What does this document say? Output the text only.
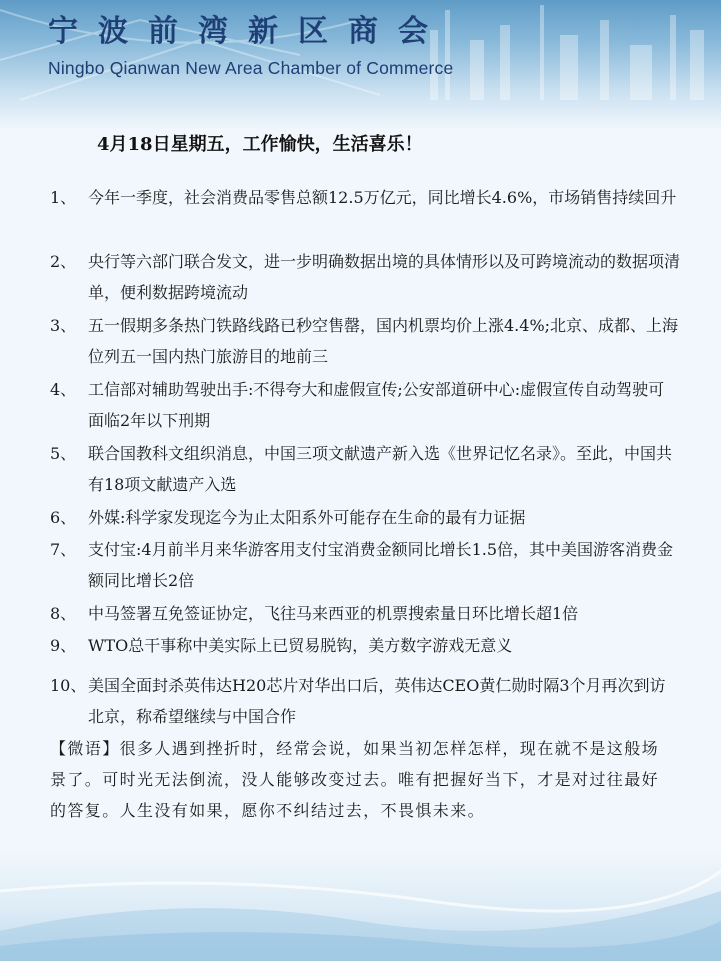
宁波前湾新区商会
Ningbo Qianwan New Area Chamber of Commerce
4月18日星期五，工作愉快，生活喜乐！
1、 今年一季度，社会消费品零售总额12.5万亿元，同比增长4.6%，市场销售持续回升
2、 央行等六部门联合发文，进一步明确数据出境的具体情形以及可跨境流动的数据项清单，便利数据跨境流动
3、 五一假期多条热门铁路线路已秒空售罄，国内机票均价上涨4.4%;北京、成都、上海位列五一国内热门旅游目的地前三
4、 工信部对辅助驾驶出手:不得夸大和虚假宣传;公安部道研中心:虚假宣传自动驾驶可面临2年以下刑期
5、 联合国教科文组织消息，中国三项文献遗产新入选《世界记忆名录》。至此，中国共有18项文献遗产入选
6、 外媒:科学家发现迄今为止太阳系外可能存在生命的最有力证据
7、 支付宝:4月前半月来华游客用支付宝消费金额同比增长1.5倍，其中美国游客消费金额同比增长2倍
8、 中马签署互免签证协定，飞往马来西亚的机票搜索量日环比增长超1倍
9、 WTO总干事称中美实际上已贸易脱钩，美方数字游戏无意义
10、 美国全面封杀英伟达H20芯片对华出口后，英伟达CEO黄仁勋时隔3个月再次到访北京，称希望继续与中国合作
【微语】很多人遇到挫折时，经常会说，如果当初怎样怎样，现在就不是这般场景了。可时光无法倒流，没人能够改变过去。唯有把握好当下，才是对过往最好的答复。人生没有如果，愿你不纠结过去，不畏惧未来。
